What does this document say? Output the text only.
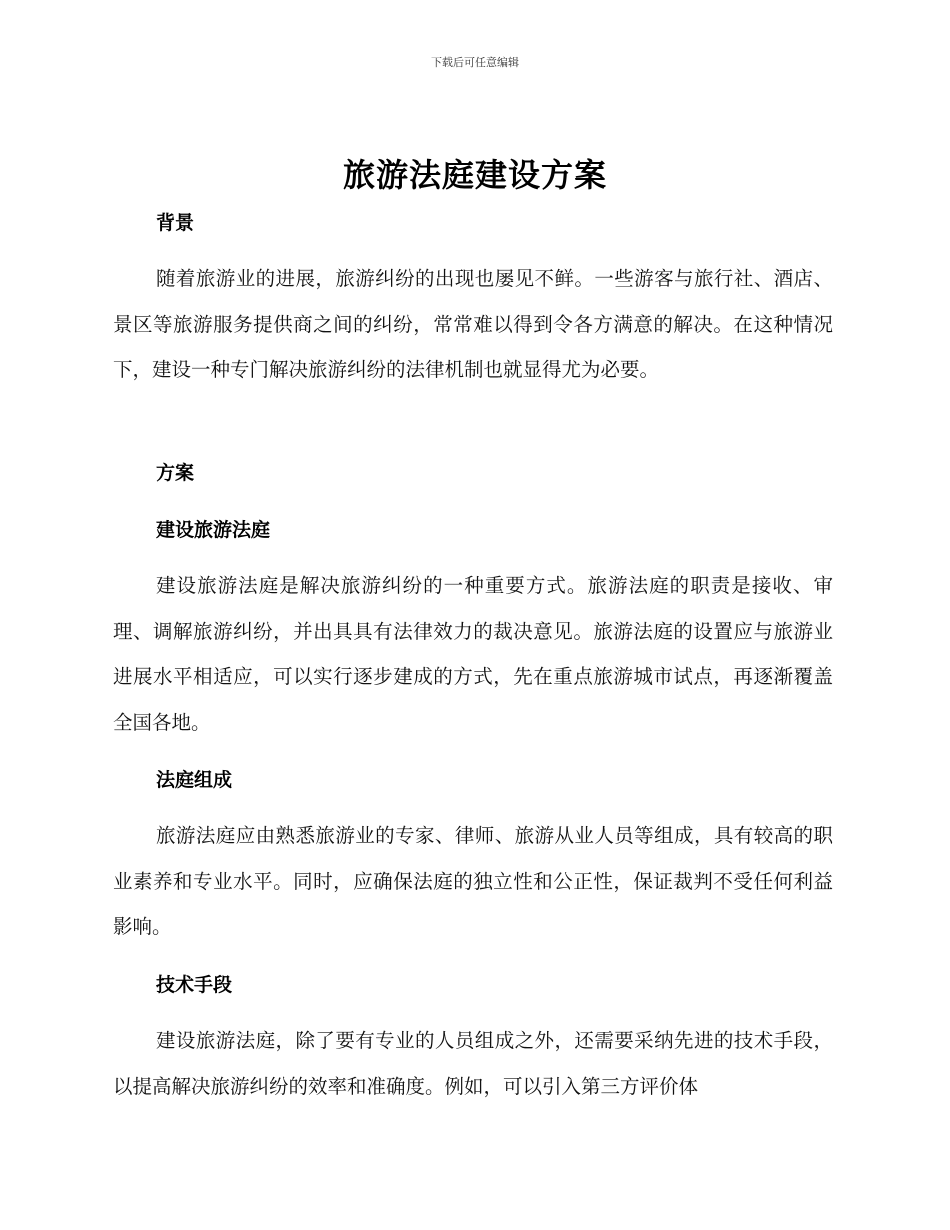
下载后可任意编辑
旅游法庭建设方案
背景

随着旅游业的进展，旅游纠纷的出现也屡见不鲜。一些游客与旅行社、酒店、景区等旅游服务提供商之间的纠纷，常常难以得到令各方满意的解决。在这种情况下，建设一种专门解决旅游纠纷的法律机制也就显得尤为必要。

方案
建设旅游法庭

建设旅游法庭是解决旅游纠纷的一种重要方式。旅游法庭的职责是接收、审理、调解旅游纠纷，并出具具有法律效力的裁决意见。旅游法庭的设置应与旅游业进展水平相适应，可以实行逐步建成的方式，先在重点旅游城市试点，再逐渐覆盖全国各地。

法庭组成

旅游法庭应由熟悉旅游业的专家、律师、旅游从业人员等组成，具有较高的职业素养和专业水平。同时，应确保法庭的独立性和公正性，保证裁判不受任何利益影响。

技术手段

建设旅游法庭，除了要有专业的人员组成之外，还需要采纳先进的技术手段，以提高解决旅游纠纷的效率和准确度。例如，可以引入第三方评价体
